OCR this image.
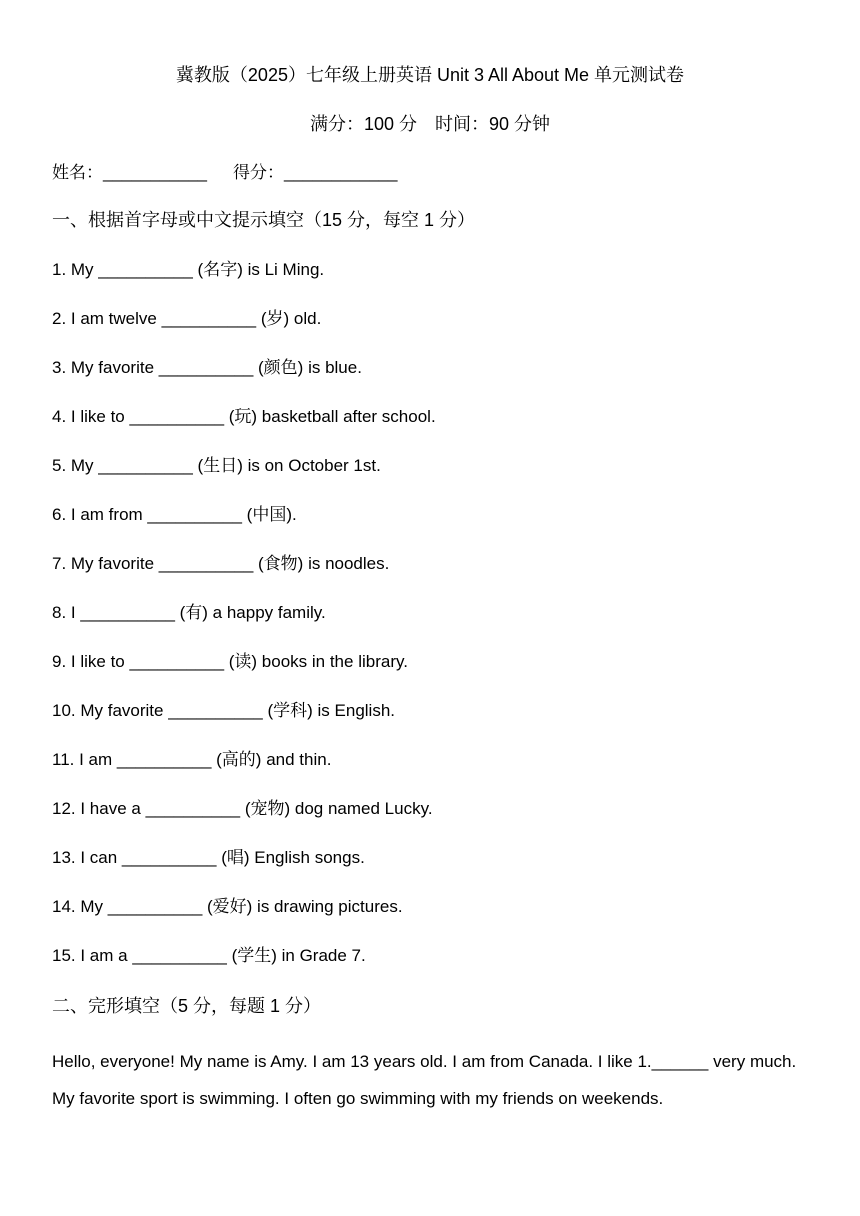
冀教版（2025）七年级上册英语 Unit 3 All About Me 单元测试卷
满分：100 分　时间：90 分钟
姓名：___________ 得分：____________
一、根据首字母或中文提示填空（15 分，每空 1 分）
1. My __________ (名字) is Li Ming.
2. I am twelve __________ (岁) old.
3. My favorite __________ (颜色) is blue.
4. I like to __________ (玩) basketball after school.
5. My __________ (生日) is on October 1st.
6. I am from __________ (中国).
7. My favorite __________ (食物) is noodles.
8. I __________ (有) a happy family.
9. I like to __________ (读) books in the library.
10. My favorite __________ (学科) is English.
11. I am __________ (高的) and thin.
12. I have a __________ (宠物) dog named Lucky.
13. I can __________ (唱) English songs.
14. My __________ (爱好) is drawing pictures.
15. I am a __________ (学生) in Grade 7.
二、完形填空（5 分，每题 1 分）
Hello, everyone! My name is Amy. I am 13 years old. I am from Canada. I like 1.______ very much. My favorite sport is swimming. I often go swimming with my friends on weekends.
